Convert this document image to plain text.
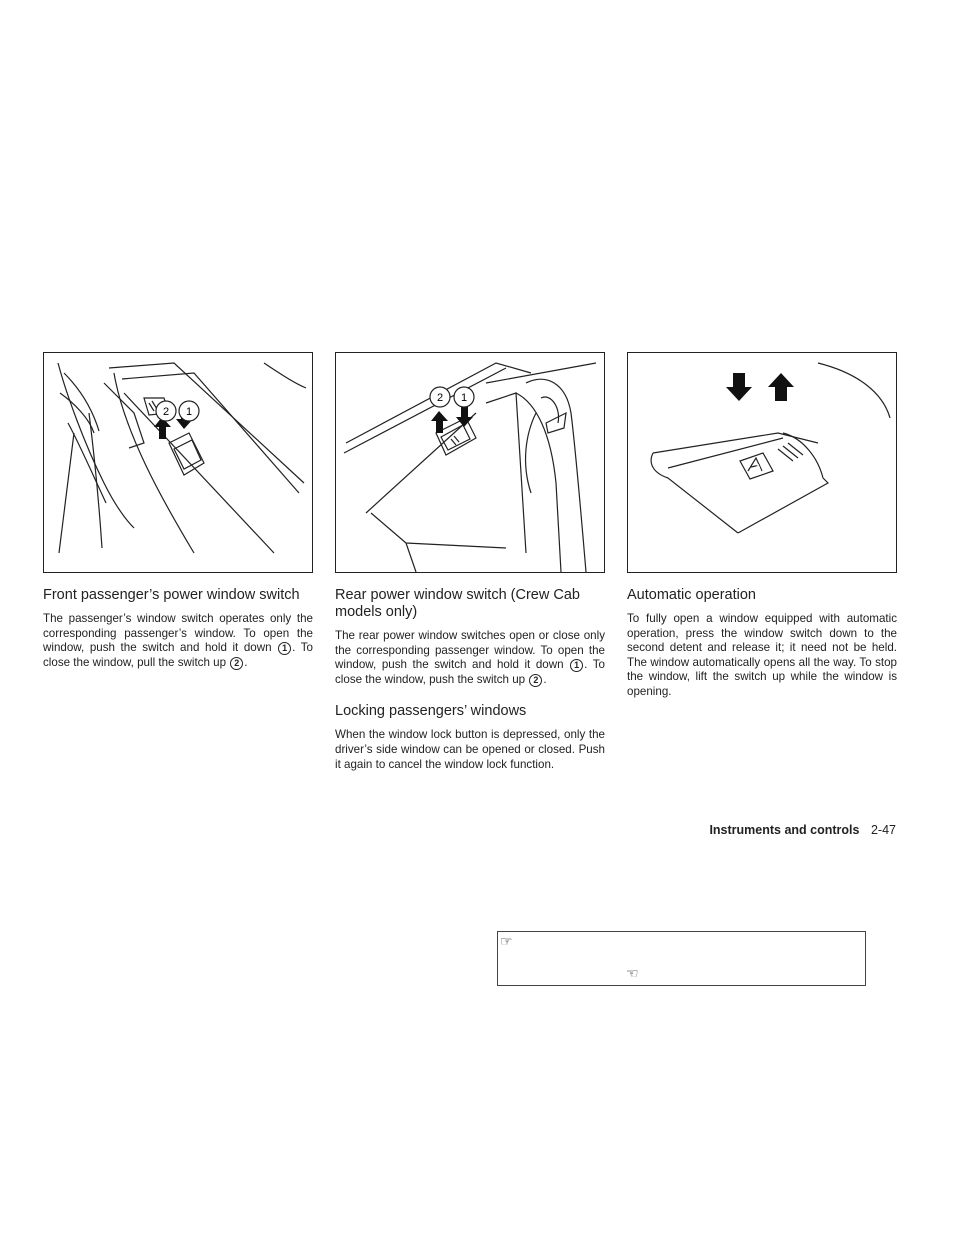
2 1
Front passenger’s power window switch

The passenger’s window switch operates only the corresponding passenger’s window. To open the window, push the switch and hold it down 1 . To close the window, pull the switch up 2 .

2 1
Rear power window switch (Crew Cab models only)

The rear power window switches open or close only the corresponding passenger window. To open the window, push the switch and hold it down 1 . To close the window, push the switch up 2 .

Locking passengers’ windows

When the window lock button is depressed, only the driver’s side window can be opened or closed. Push it again to cancel the window lock function.

A
Automatic operation

To fully open a window equipped with automatic operation, press the window switch down to the second detent and release it; it need not be held. The window automatically opens all the way. To stop the window, lift the switch up while the window is opening.

Instruments and controls 2-47
☞
☜
